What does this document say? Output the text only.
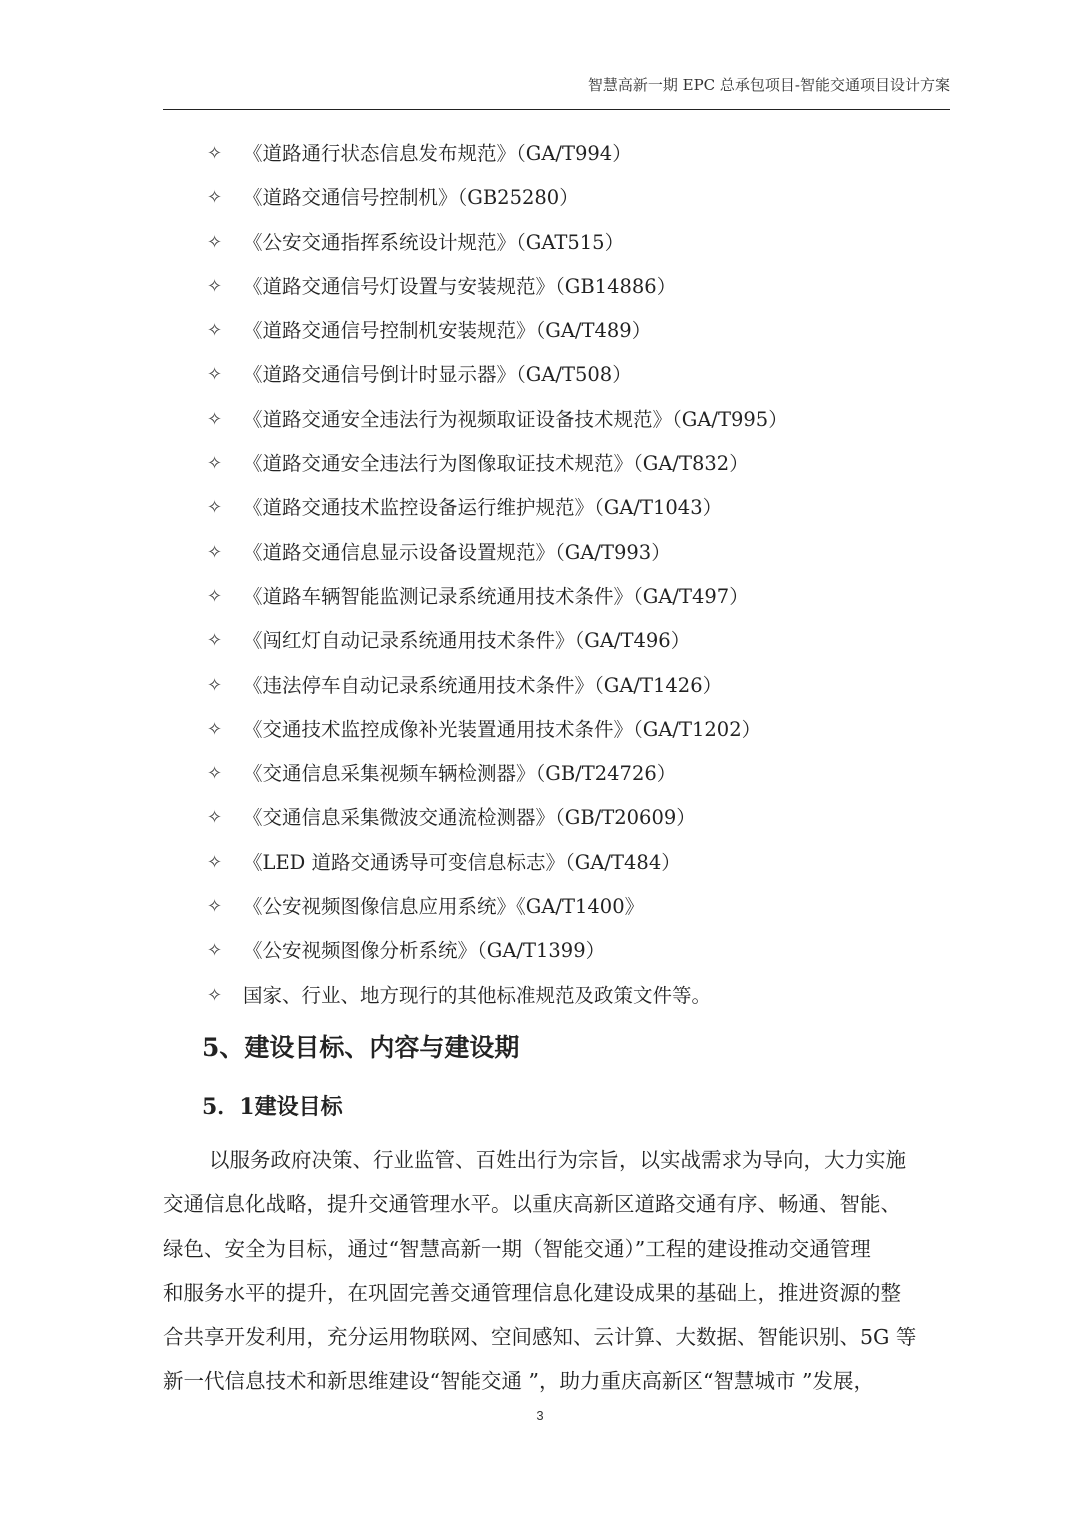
智慧高新一期 EPC 总承包项目-智能交通项目设计方案
✧	《道路通行状态信息发布规范》（GA/T994）
✧	《道路交通信号控制机》（GB25280）
✧	《公安交通指挥系统设计规范》（GAT515）
✧	《道路交通信号灯设置与安装规范》（GB14886）
✧	《道路交通信号控制机安装规范》（GA/T489）
✧	《道路交通信号倒计时显示器》（GA/T508）
✧	《道路交通安全违法行为视频取证设备技术规范》（GA/T995）
✧	《道路交通安全违法行为图像取证技术规范》（GA/T832）
✧	《道路交通技术监控设备运行维护规范》（GA/T1043）
✧	《道路交通信息显示设备设置规范》（GA/T993）
✧	《道路车辆智能监测记录系统通用技术条件》（GA/T497）
✧	《闯红灯自动记录系统通用技术条件》（GA/T496）
✧	《违法停车自动记录系统通用技术条件》（GA/T1426）
✧	《交通技术监控成像补光装置通用技术条件》（GA/T1202）
✧	《交通信息采集视频车辆检测器》（GB/T24726）
✧	《交通信息采集微波交通流检测器》（GB/T20609）
✧	《LED 道路交通诱导可变信息标志》（GA/T484）
✧	《公安视频图像信息应用系统》《GA/T1400》
✧	《公安视频图像分析系统》（GA/T1399）
✧	国家、行业、地方现行的其他标准规范及政策文件等。
5、建设目标、内容与建设期
5．1建设目标
以服务政府决策、行业监管、百姓出行为宗旨，以实战需求为导向，大力实施
交通信息化战略，提升交通管理水平。以重庆高新区道路交通有序、畅通、智能、
绿色、安全为目标，通过“智慧高新一期（智能交通）”工程的建设推动交通管理
和服务水平的提升，在巩固完善交通管理信息化建设成果的基础上，推进资源的整
合共享开发利用，充分运用物联网、空间感知、云计算、大数据、智能识别、5G 等
新一代信息技术和新思维建设“智能交通 ”，助力重庆高新区“智慧城市 ”发展，
3
